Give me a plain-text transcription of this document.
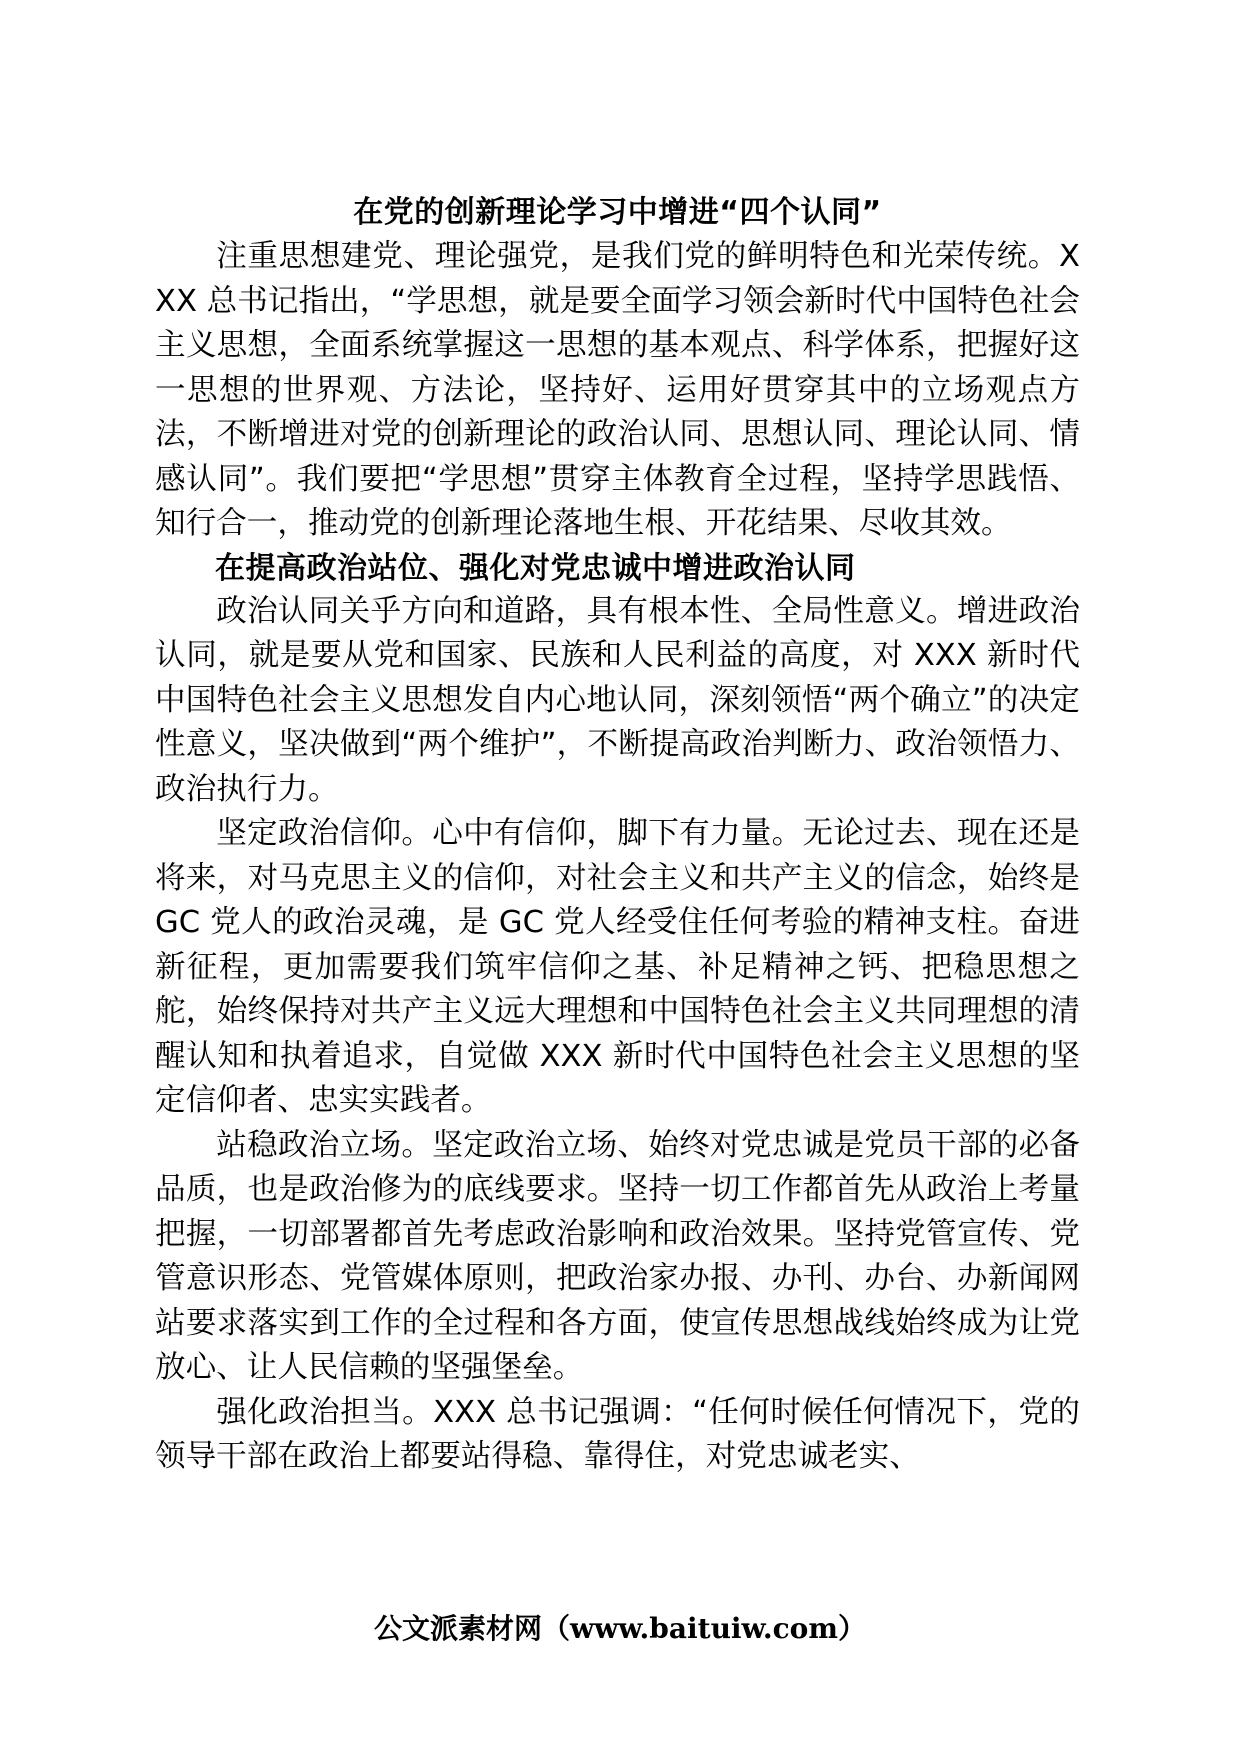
在党的创新理论学习中增进“四个认同”

注重思想建党、理论强党，是我们党的鲜明特色和光荣传统。XXX 总书记指出，“学思想，就是要全面学习领会新时代中国特色社会主义思想，全面系统掌握这一思想的基本观点、科学体系，把握好这一思想的世界观、方法论，坚持好、运用好贯穿其中的立场观点方法，不断增进对党的创新理论的政治认同、思想认同、理论认同、情感认同”。我们要把“学思想”贯穿主体教育全过程，坚持学思践悟、知行合一，推动党的创新理论落地生根、开花结果、尽收其效。

在提高政治站位、强化对党忠诚中增进政治认同

政治认同关乎方向和道路，具有根本性、全局性意义。增进政治认同，就是要从党和国家、民族和人民利益的高度，对 XXX 新时代中国特色社会主义思想发自内心地认同，深刻领悟“两个确立”的决定性意义，坚决做到“两个维护”，不断提高政治判断力、政治领悟力、政治执行力。

坚定政治信仰。心中有信仰，脚下有力量。无论过去、现在还是将来，对马克思主义的信仰，对社会主义和共产主义的信念，始终是 GC 党人的政治灵魂，是 GC 党人经受住任何考验的精神支柱。奋进新征程，更加需要我们筑牢信仰之基、补足精神之钙、把稳思想之舵，始终保持对共产主义远大理想和中国特色社会主义共同理想的清醒认知和执着追求，自觉做 XXX 新时代中国特色社会主义思想的坚定信仰者、忠实实践者。

站稳政治立场。坚定政治立场、始终对党忠诚是党员干部的必备品质，也是政治修为的底线要求。坚持一切工作都首先从政治上考量把握，一切部署都首先考虑政治影响和政治效果。坚持党管宣传、党管意识形态、党管媒体原则，把政治家办报、办刊、办台、办新闻网站要求落实到工作的全过程和各方面，使宣传思想战线始终成为让党放心、让人民信赖的坚强堡垒。

强化政治担当。XXX 总书记强调：“任何时候任何情况下，党的领导干部在政治上都要站得稳、靠得住，对党忠诚老实、

公文派素材网（www.baituiw.com）
